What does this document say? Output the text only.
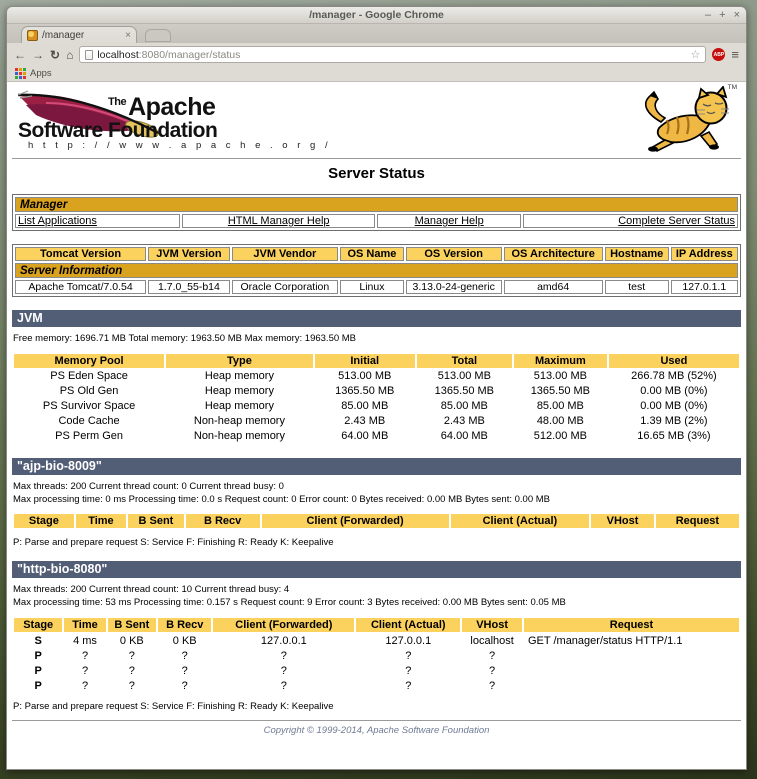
/manager - Google Chrome	– + ×
/manager	×
← → ↻ ⌂ localhost:8080/manager/status	☆	ABP ≡
Apps
$^{The}$Apache
Software Foundation
h t t p : / / w w w . a p a c h e . o r g /
TM
Server Status
Manager
List Applications	HTML Manager Help	Manager Help	Complete Server Status
Server Information							
Tomcat Version	JVM Version	JVM Vendor	OS Name	OS Version	OS Architecture	Hostname	IP Address
Apache Tomcat/7.0.54	1.7.0_55-b14	Oracle Corporation	Linux	3.13.0-24-generic	amd64	test	127.0.1.1
JVM
Free memory: 1696.71 MB Total memory: 1963.50 MB Max memory: 1963.50 MB
Memory Pool	Type	Initial	Total	Maximum	Used
PS Eden Space	Heap memory	513.00 MB	513.00 MB	513.00 MB	266.78 MB (52%)
PS Old Gen	Heap memory	1365.50 MB	1365.50 MB	1365.50 MB	0.00 MB (0%)
PS Survivor Space	Heap memory	85.00 MB	85.00 MB	85.00 MB	0.00 MB (0%)
Code Cache	Non-heap memory	2.43 MB	2.43 MB	48.00 MB	1.39 MB (2%)
PS Perm Gen	Non-heap memory	64.00 MB	64.00 MB	512.00 MB	16.65 MB (3%)
"ajp-bio-8009"
Max threads: 200 Current thread count: 0 Current thread busy: 0
Max processing time: 0 ms Processing time: 0.0 s Request count: 0 Error count: 0 Bytes received: 0.00 MB Bytes sent: 0.00 MB
Stage	Time	B Sent	B Recv	Client (Forwarded)	Client (Actual)	VHost	Request
P: Parse and prepare request S: Service F: Finishing R: Ready K: Keepalive
"http-bio-8080"
Max threads: 200 Current thread count: 10 Current thread busy: 4
Max processing time: 53 ms Processing time: 0.157 s Request count: 9 Error count: 3 Bytes received: 0.00 MB Bytes sent: 0.05 MB
Stage	Time	B Sent	B Recv	Client (Forwarded)	Client (Actual)	VHost	Request
S	4 ms	0 KB	0 KB	127.0.0.1	127.0.0.1	localhost	GET /manager/status HTTP/1.1
P	?	?	?	?	?	?	
P	?	?	?	?	?	?	
P	?	?	?	?	?	?	
P: Parse and prepare request S: Service F: Finishing R: Ready K: Keepalive
Copyright © 1999-2014, Apache Software Foundation
